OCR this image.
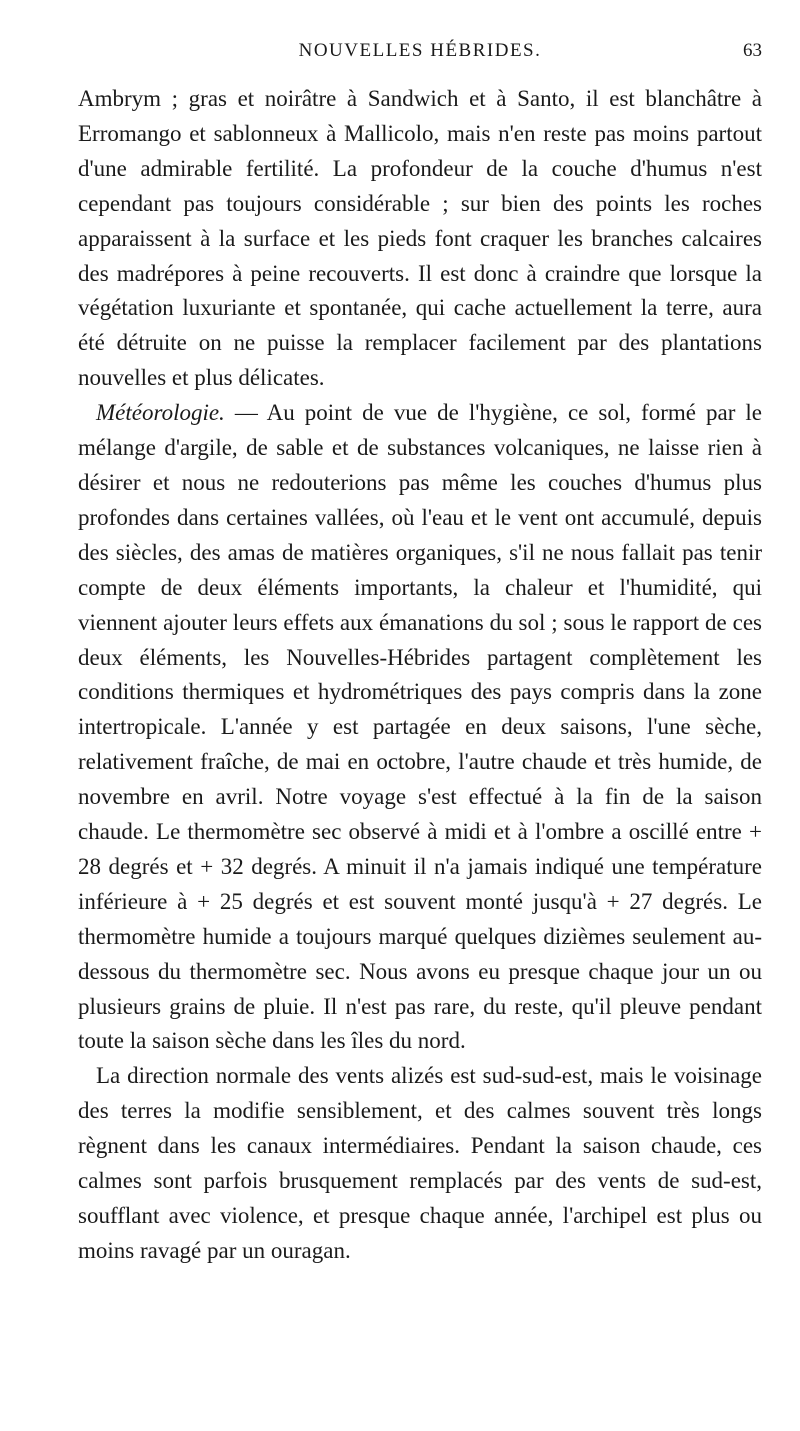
NOUVELLES HÉBRIDES.	63

Ambrym ; gras et noirâtre à Sandwich et à Santo, il est blanchâtre à Erromango et sablonneux à Mallicolo, mais n'en reste pas moins partout d'une admirable fertilité. La profondeur de la couche d'humus n'est cependant pas toujours considérable ; sur bien des points les roches apparaissent à la surface et les pieds font craquer les branches calcaires des madrépores à peine recouverts. Il est donc à craindre que lorsque la végétation luxuriante et spontanée, qui cache actuellement la terre, aura été détruite on ne puisse la remplacer facilement par des plantations nouvelles et plus délicates.

Météorologie. — Au point de vue de l'hygiène, ce sol, formé par le mélange d'argile, de sable et de substances volcaniques, ne laisse rien à désirer et nous ne redouterions pas même les couches d'humus plus profondes dans certaines vallées, où l'eau et le vent ont accumulé, depuis des siècles, des amas de matières organiques, s'il ne nous fallait pas tenir compte de deux éléments importants, la chaleur et l'humidité, qui viennent ajouter leurs effets aux émanations du sol ; sous le rapport de ces deux éléments, les Nouvelles-Hébrides partagent complètement les conditions thermiques et hydrométriques des pays compris dans la zone intertropicale. L'année y est partagée en deux saisons, l'une sèche, relativement fraîche, de mai en octobre, l'autre chaude et très humide, de novembre en avril. Notre voyage s'est effectué à la fin de la saison chaude. Le thermomètre sec observé à midi et à l'ombre a oscillé entre + 28 degrés et + 32 degrés. A minuit il n'a jamais indiqué une température inférieure à + 25 degrés et est souvent monté jusqu'à + 27 degrés. Le thermomètre humide a toujours marqué quelques dizièmes seulement au-dessous du thermomètre sec. Nous avons eu presque chaque jour un ou plusieurs grains de pluie. Il n'est pas rare, du reste, qu'il pleuve pendant toute la saison sèche dans les îles du nord.

La direction normale des vents alizés est sud-sud-est, mais le voisinage des terres la modifie sensiblement, et des calmes souvent très longs règnent dans les canaux intermédiaires. Pendant la saison chaude, ces calmes sont parfois brusquement remplacés par des vents de sud-est, soufflant avec violence, et presque chaque année, l'archipel est plus ou moins ravagé par un ouragan.
